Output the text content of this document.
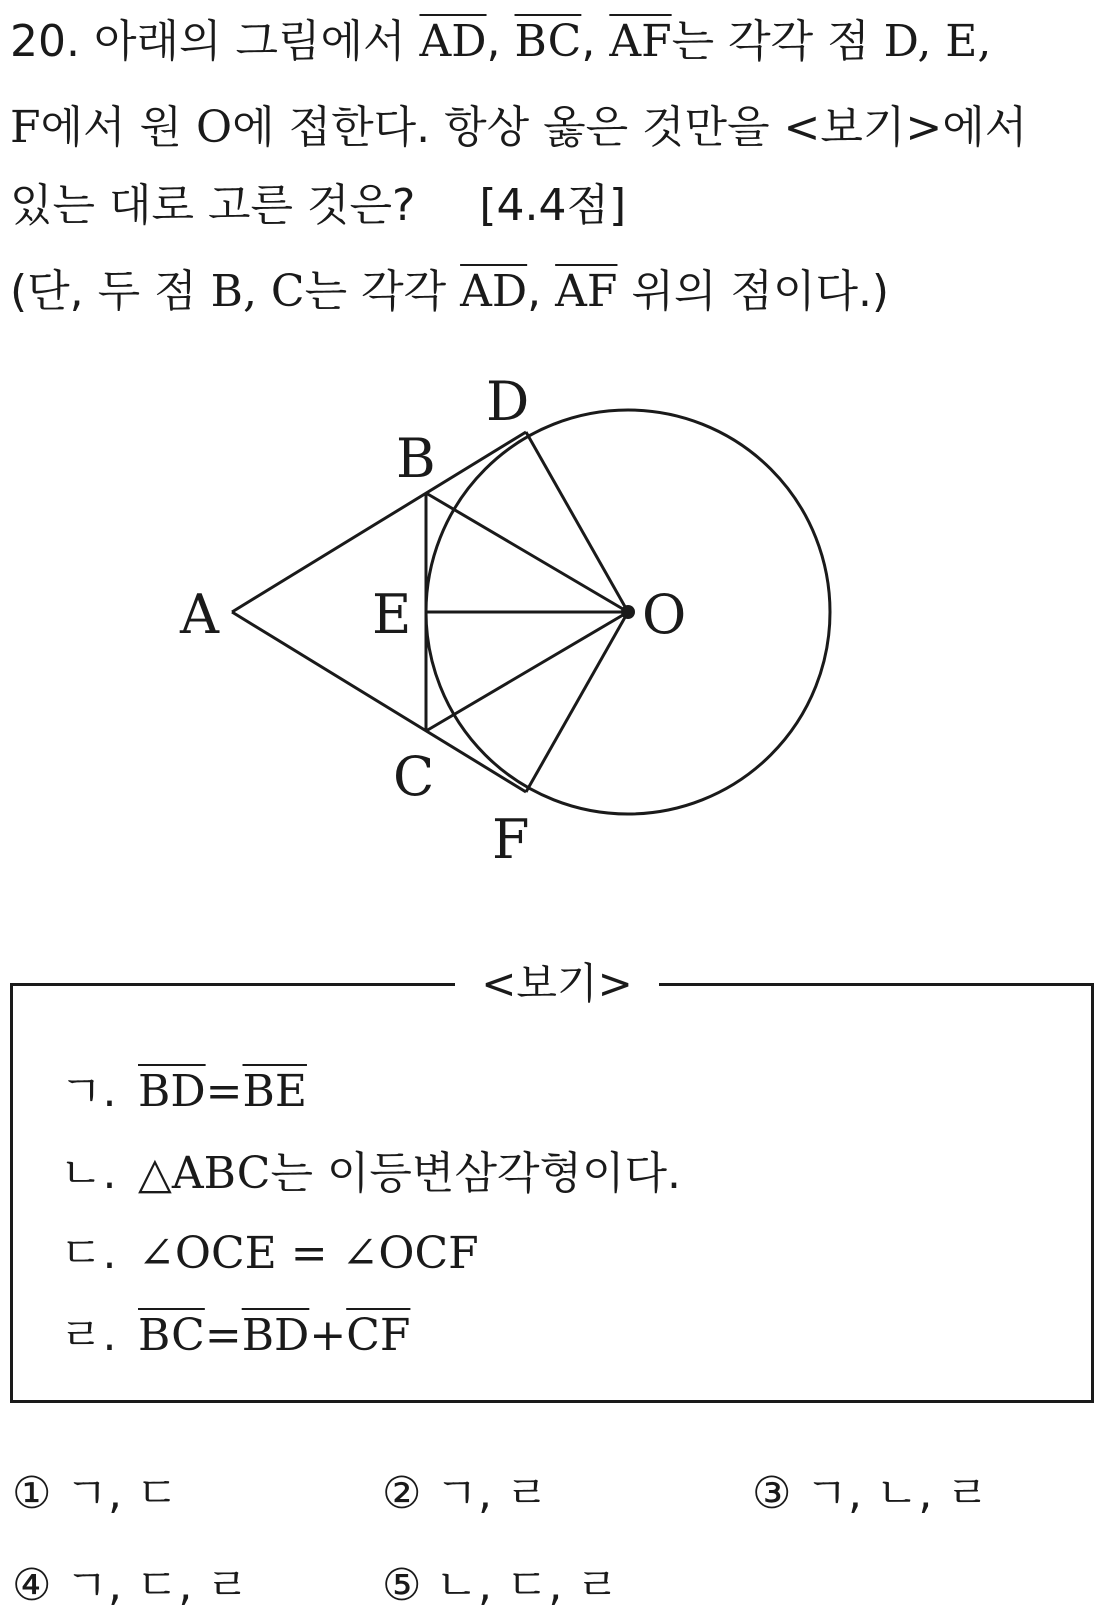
20. 아래의 그림에서 $\overline{AD}$, $\overline{BC}$, $\overline{AF}$는 각각 점 D, E,
F에서 원 O에 접한다. 항상 옳은 것만을 <보기>에서
있는 대로 고른 것은? [4.4점]
(단, 두 점 B, C는 각각 $\overline{AD}$, $\overline{AF}$ 위의 점이다.)
A
B
C
D
E
F
O
<보기>
ㄱ. $\overline{BD}=\overline{BE}$
ㄴ. △ABC는 이등변삼각형이다.
ㄷ. ∠OCE = ∠OCF
ㄹ. $\overline{BC}=\overline{BD}+\overline{CF}$
① ㄱ, ㄷ	② ㄱ, ㄹ	③ ㄱ, ㄴ, ㄹ
④ ㄱ, ㄷ, ㄹ	⑤ ㄴ, ㄷ, ㄹ
